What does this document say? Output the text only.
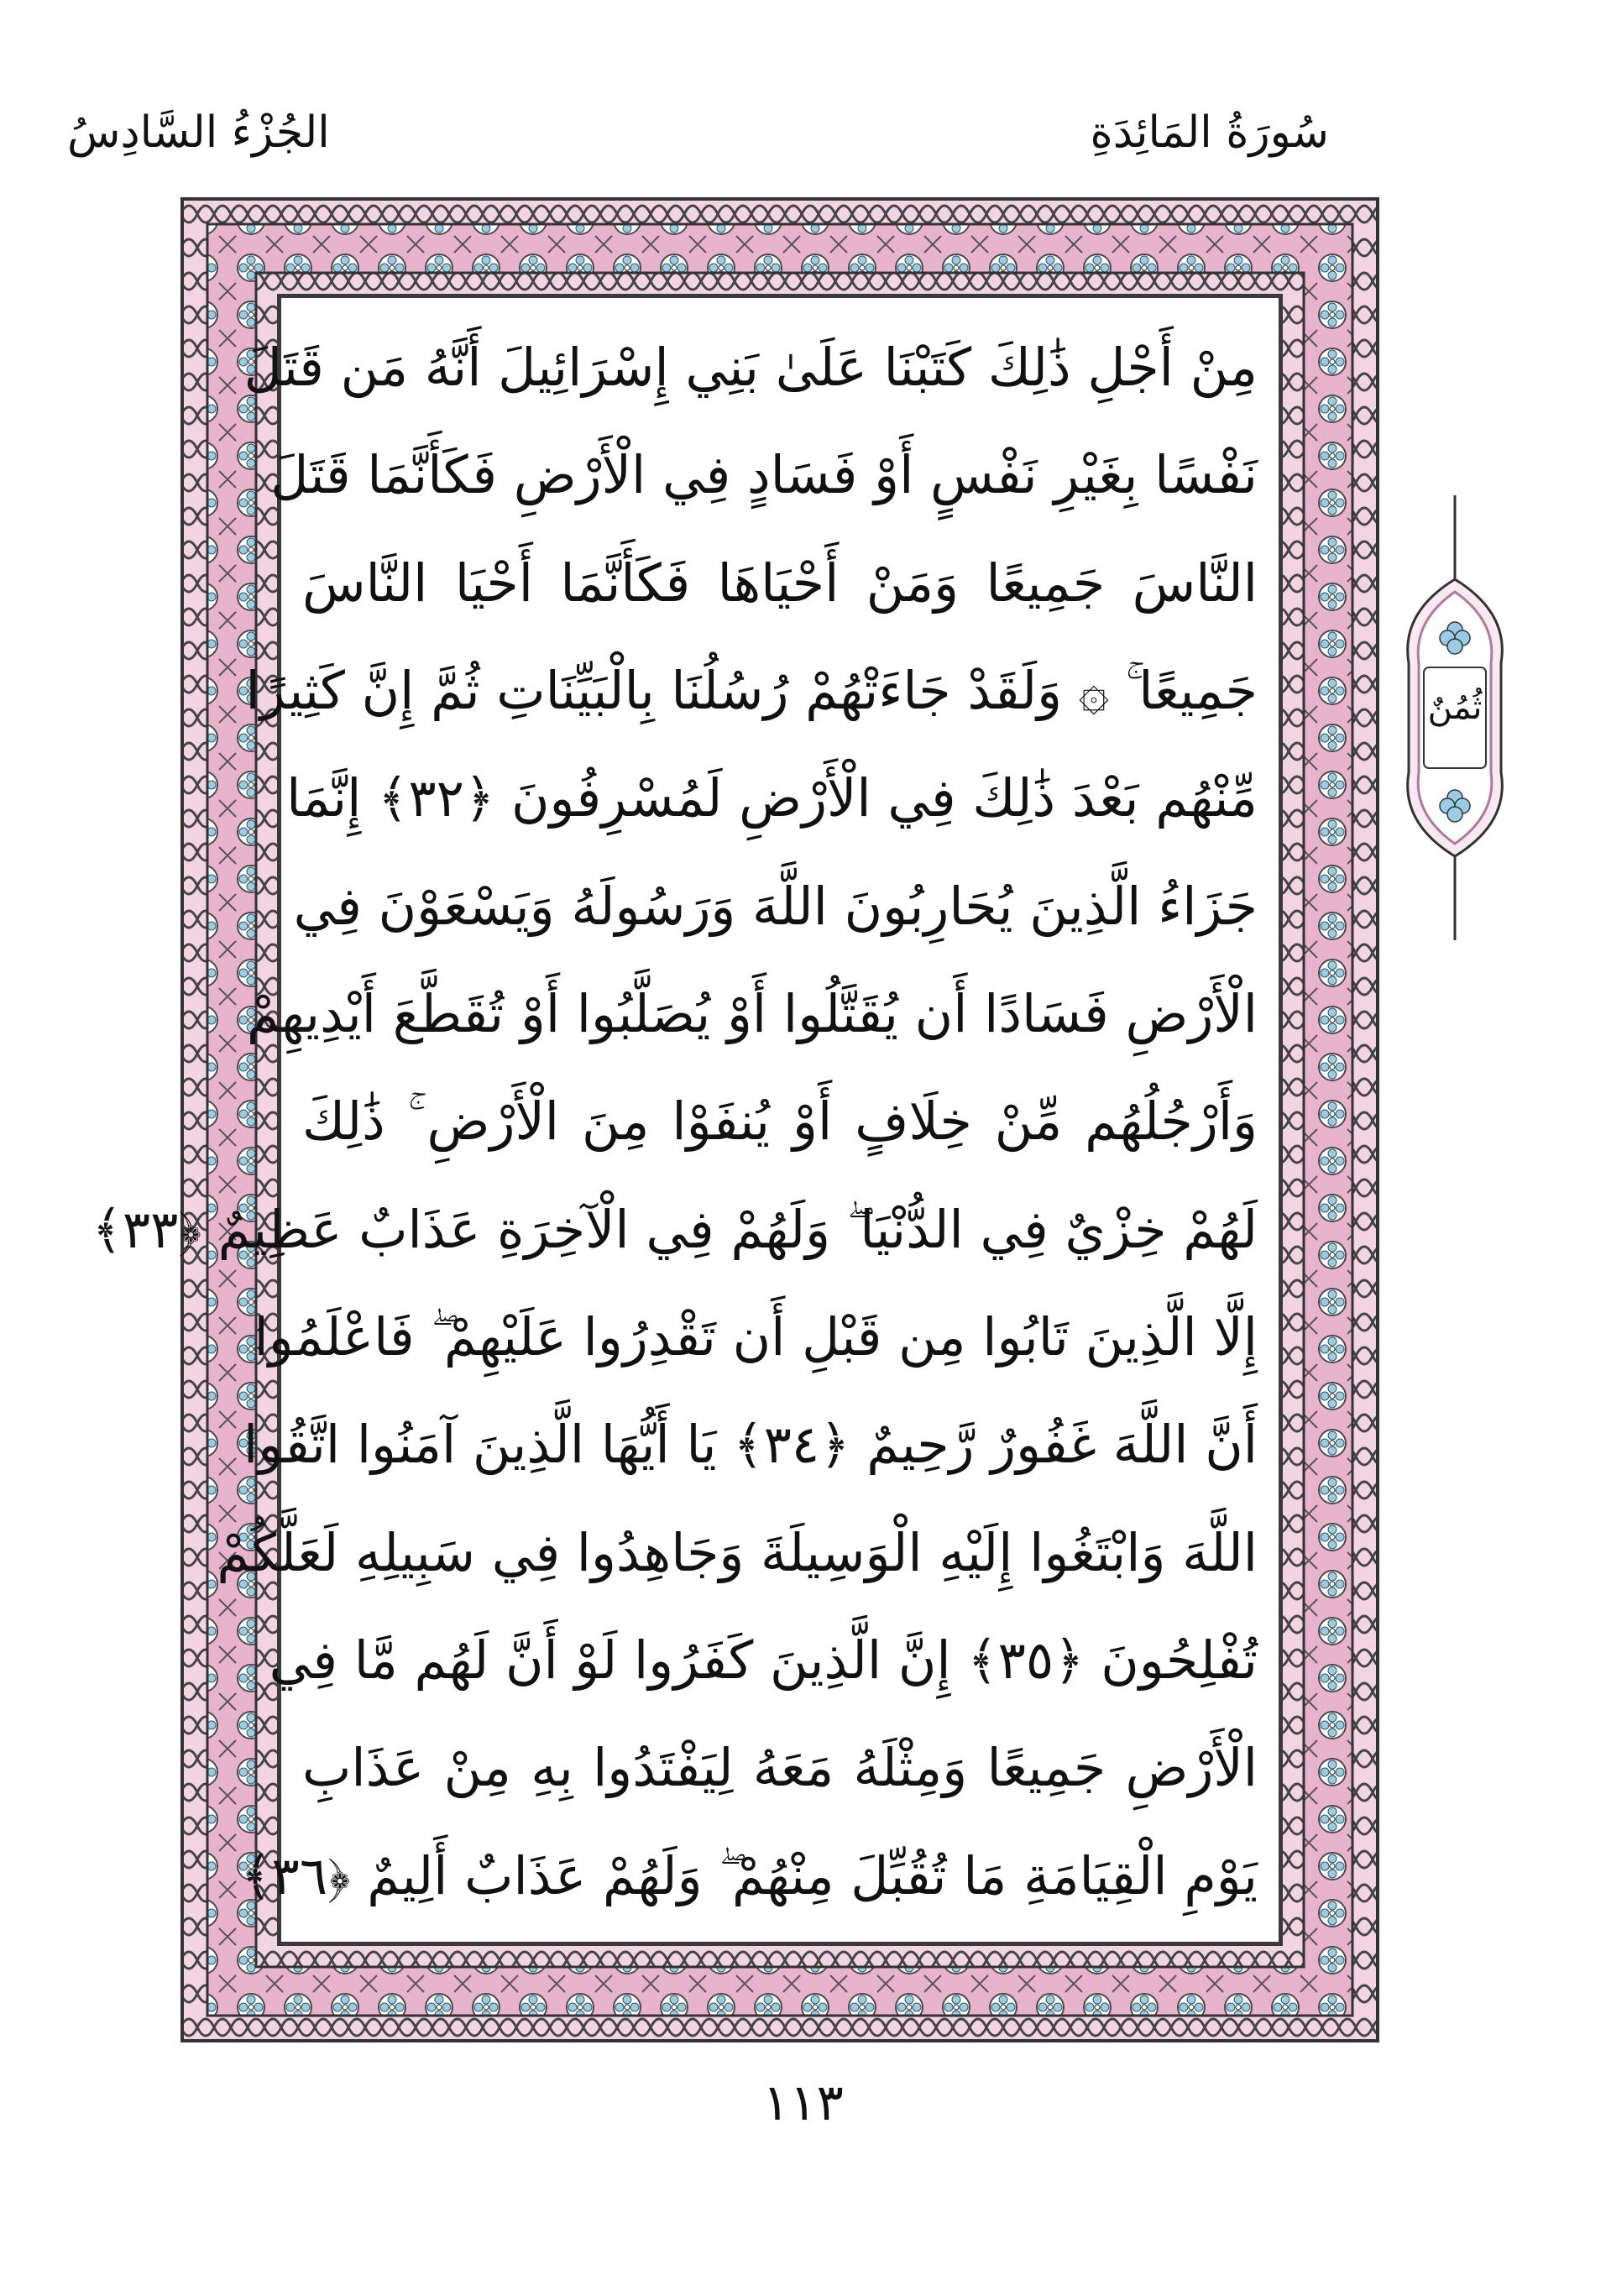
الجُزْءُ السَّادِسُ	سُورَةُ المَائِدَةِ
مِنْ أَجْلِ ذَٰلِكَ كَتَبْنَا عَلَىٰ بَنِي إِسْرَائِيلَ أَنَّهُ مَن قَتَلَ
نَفْسًا بِغَيْرِ نَفْسٍ أَوْ فَسَادٍ فِي الْأَرْضِ فَكَأَنَّمَا قَتَلَ
النَّاسَ جَمِيعًا وَمَنْ أَحْيَاهَا فَكَأَنَّمَا أَحْيَا النَّاسَ
جَمِيعًا ۚ ۞ وَلَقَدْ جَاءَتْهُمْ رُسُلُنَا بِالْبَيِّنَاتِ ثُمَّ إِنَّ كَثِيرًا
مِّنْهُم بَعْدَ ذَٰلِكَ فِي الْأَرْضِ لَمُسْرِفُونَ ﴿٣٢﴾ إِنَّمَا
جَزَاءُ الَّذِينَ يُحَارِبُونَ اللَّهَ وَرَسُولَهُ وَيَسْعَوْنَ فِي
الْأَرْضِ فَسَادًا أَن يُقَتَّلُوا أَوْ يُصَلَّبُوا أَوْ تُقَطَّعَ أَيْدِيهِمْ
وَأَرْجُلُهُم مِّنْ خِلَافٍ أَوْ يُنفَوْا مِنَ الْأَرْضِ ۚ ذَٰلِكَ
لَهُمْ خِزْيٌ فِي الدُّنْيَا ۖ وَلَهُمْ فِي الْآخِرَةِ عَذَابٌ عَظِيمٌ ﴿٣٣﴾
إِلَّا الَّذِينَ تَابُوا مِن قَبْلِ أَن تَقْدِرُوا عَلَيْهِمْ ۖ فَاعْلَمُوا
أَنَّ اللَّهَ غَفُورٌ رَّحِيمٌ ﴿٣٤﴾ يَا أَيُّهَا الَّذِينَ آمَنُوا اتَّقُوا
اللَّهَ وَابْتَغُوا إِلَيْهِ الْوَسِيلَةَ وَجَاهِدُوا فِي سَبِيلِهِ لَعَلَّكُمْ
تُفْلِحُونَ ﴿٣٥﴾ إِنَّ الَّذِينَ كَفَرُوا لَوْ أَنَّ لَهُم مَّا فِي
الْأَرْضِ جَمِيعًا وَمِثْلَهُ مَعَهُ لِيَفْتَدُوا بِهِ مِنْ عَذَابِ
يَوْمِ الْقِيَامَةِ مَا تُقُبِّلَ مِنْهُمْ ۖ وَلَهُمْ عَذَابٌ أَلِيمٌ ﴿٣٦﴾
ثُمُنٌ
١١٣
